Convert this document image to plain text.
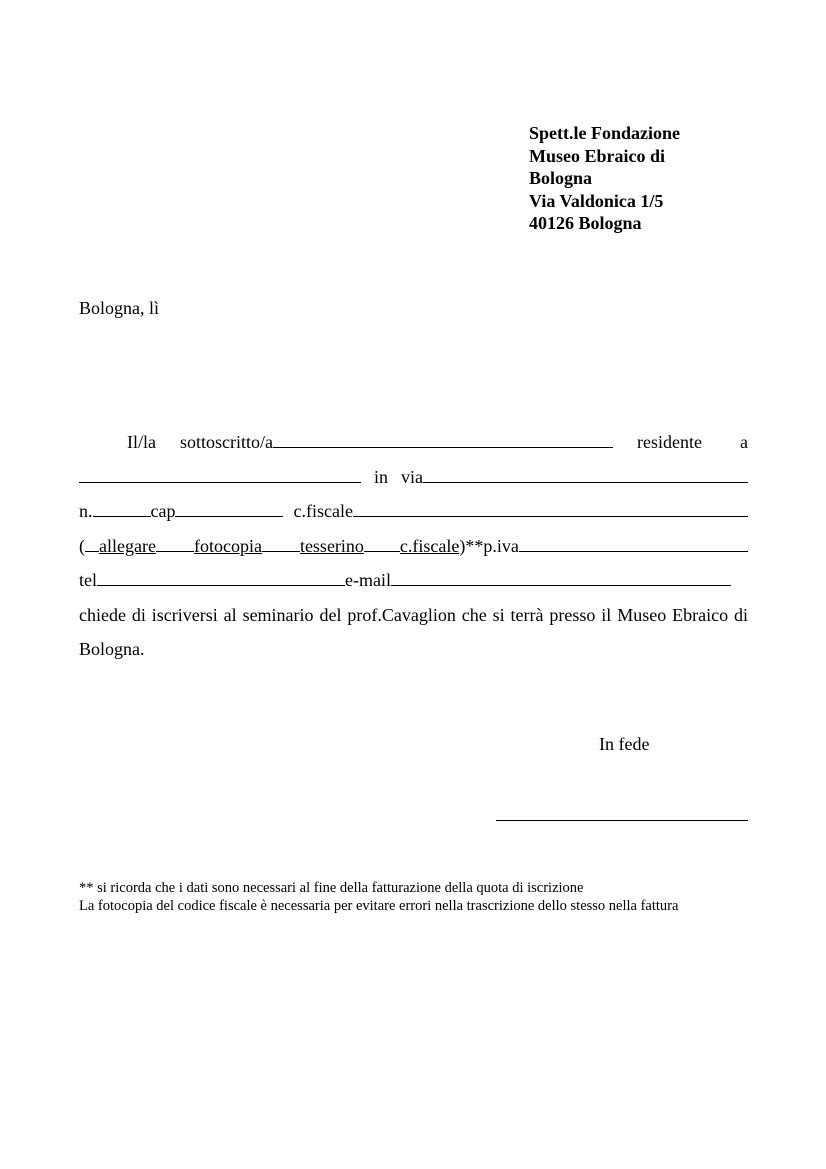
Spett.le Fondazione
Museo Ebraico di
Bologna
Via Valdonica 1/5
40126 Bologna
Bologna, lì
Il/la sottoscritto/a	residente a
in via
n.	cap	c.fiscale
( allegare fotocopia tesserino c.fiscale )**p.iva
tel	e-mail
chiede di iscriversi al seminario del prof.Cavaglion che si terrà presso il Museo Ebraico di Bologna.
In fede
** si ricorda che i dati sono necessari al fine della fatturazione della quota di iscrizione
La fotocopia del codice fiscale è necessaria per evitare errori nella trascrizione dello stesso nella fattura
